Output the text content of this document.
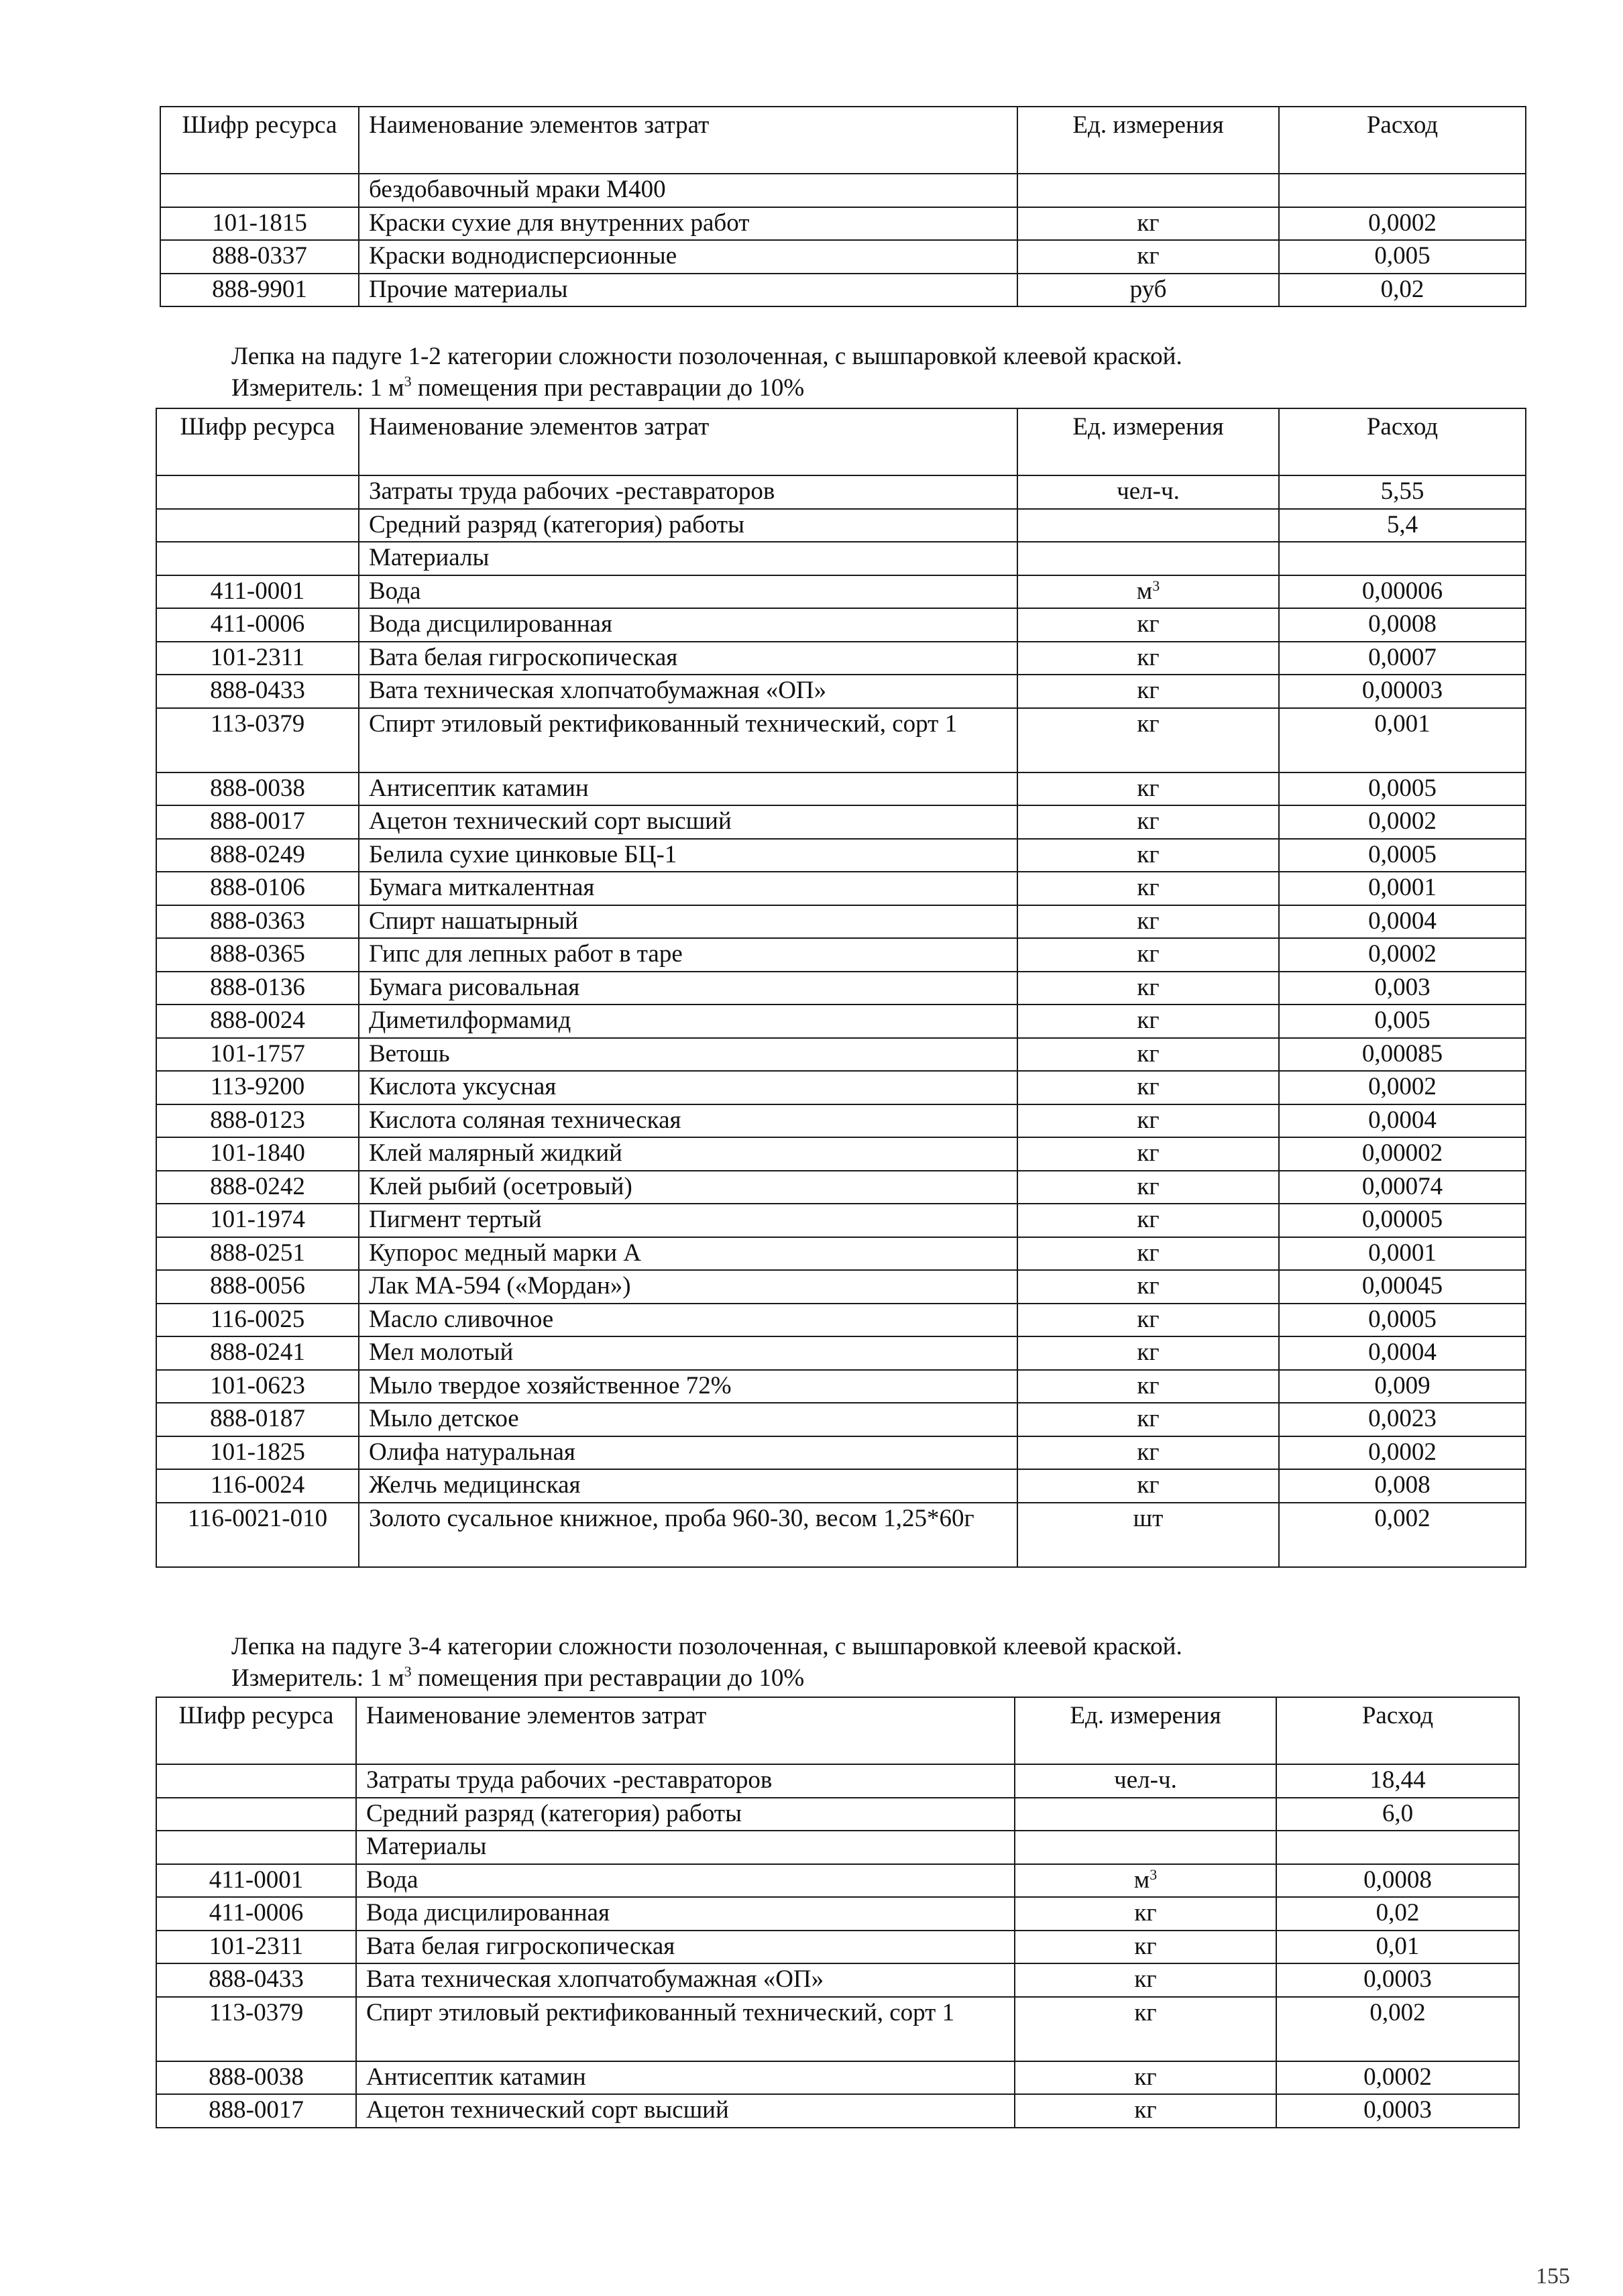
Шифр ресурса	Наименование элементов затрат	Ед. измерения	Расход
	бездобавочный мраки М400		
101-1815	Краски сухие для внутренних работ	кг	0,0002
888-0337	Краски воднодисперсионные	кг	0,005
888-9901	Прочие материалы	руб	0,02
Лепка на падуге 1-2 категории сложности позолоченная, с вышпаровкой клеевой краской.
Измеритель: 1 $м^3$ помещения при реставрации до 10%
Шифр ресурса	Наименование элементов затрат	Ед. измерения	Расход
	Затраты труда рабочих -реставраторов	чел-ч.	5,55
	Средний разряд (категория) работы		5,4
	Материалы		
411-0001	Вода	$м^3$	0,00006
411-0006	Вода дисцилированная	кг	0,0008
101-2311	Вата белая гигроскопическая	кг	0,0007
888-0433	Вата техническая хлопчатобумажная «ОП»	кг	0,00003
113-0379	Спирт этиловый ректификованный технический, сорт 1	кг	0,001
888-0038	Антисептик катамин	кг	0,0005
888-0017	Ацетон технический сорт высший	кг	0,0002
888-0249	Белила сухие цинковые БЦ-1	кг	0,0005
888-0106	Бумага миткалентная	кг	0,0001
888-0363	Спирт нашатырный	кг	0,0004
888-0365	Гипс для лепных работ в таре	кг	0,0002
888-0136	Бумага рисовальная	кг	0,003
888-0024	Диметилформамид	кг	0,005
101-1757	Ветошь	кг	0,00085
113-9200	Кислота уксусная	кг	0,0002
888-0123	Кислота соляная техническая	кг	0,0004
101-1840	Клей малярный жидкий	кг	0,00002
888-0242	Клей рыбий (осетровый)	кг	0,00074
101-1974	Пигмент тертый	кг	0,00005
888-0251	Купорос медный марки А	кг	0,0001
888-0056	Лак МА-594 («Мордан»)	кг	0,00045
116-0025	Масло сливочное	кг	0,0005
888-0241	Мел молотый	кг	0,0004
101-0623	Мыло твердое хозяйственное 72%	кг	0,009
888-0187	Мыло детское	кг	0,0023
101-1825	Олифа натуральная	кг	0,0002
116-0024	Желчь медицинская	кг	0,008
116-0021-010	Золото сусальное книжное, проба 960-30, весом 1,25*60г	шт	0,002
Лепка на падуге 3-4 категории сложности позолоченная, с вышпаровкой клеевой краской.
Измеритель: 1 $м^3$ помещения при реставрации до 10%
Шифр ресурса	Наименование элементов затрат	Ед. измерения	Расход
	Затраты труда рабочих -реставраторов	чел-ч.	18,44
	Средний разряд (категория) работы		6,0
	Материалы		
411-0001	Вода	$м^3$	0,0008
411-0006	Вода дисцилированная	кг	0,02
101-2311	Вата белая гигроскопическая	кг	0,01
888-0433	Вата техническая хлопчатобумажная «ОП»	кг	0,0003
113-0379	Спирт этиловый ректификованный технический, сорт 1	кг	0,002
888-0038	Антисептик катамин	кг	0,0002
888-0017	Ацетон технический сорт высший	кг	0,0003
155
